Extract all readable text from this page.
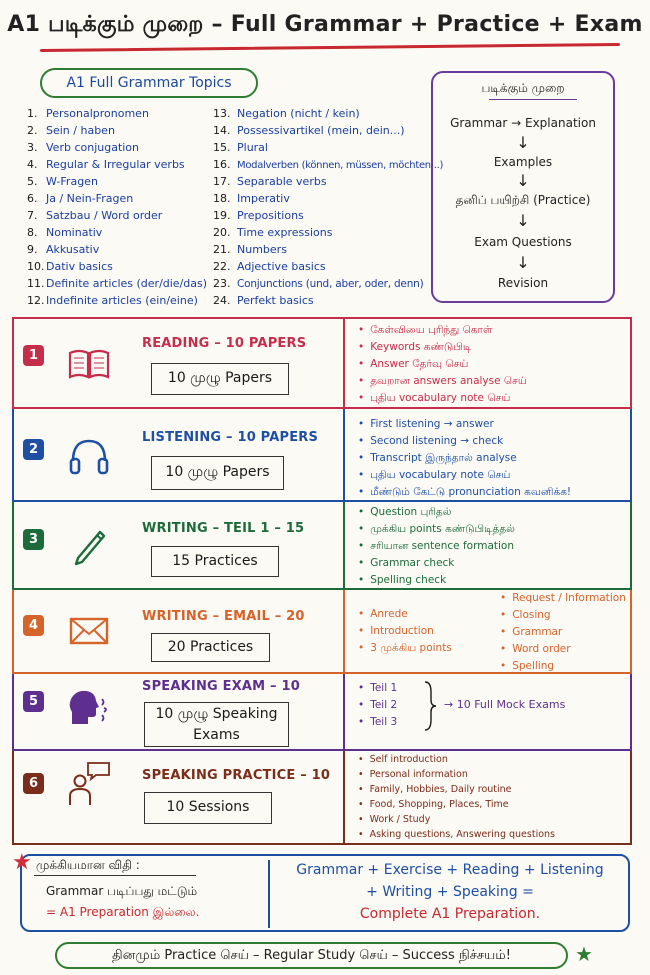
A1 படிக்கும் முறை – Full Grammar + Practice + Exam
A1 Full Grammar Topics
1. Personalpronomen
2. Sein / haben
3. Verb conjugation
4. Regular & Irregular verbs
5. W-Fragen
6. Ja / Nein-Fragen
7. Satzbau / Word order
8. Nominativ
9. Akkusativ
10. Dativ basics
11. Definite articles (der/die/das)
12. Indefinite articles (ein/eine)
13. Negation (nicht / kein)
14. Possessivartikel (mein, dein...)
15. Plural
16. Modalverben (können, müssen, möchten...)
17. Separable verbs
18. Imperativ
19. Prepositions
20. Time expressions
21. Numbers
22. Adjective basics
23. Conjunctions (und, aber, oder, denn)
24. Perfekt basics
படிக்கும் முறை
Grammar → Explanation
↓
Examples
↓
தனிப் பயிற்சி (Practice)
↓
Exam Questions
↓
Revision
1
READING – 10 PAPERS
10 முழு Papers
• கேள்வியை புரிந்து கொள்
• Keywords கண்டுபிடி
• Answer தேர்வு செய்
• தவறான answers analyse செய்
• புதிய vocabulary note செய்
2
LISTENING – 10 PAPERS
10 முழு Papers
• First listening → answer
• Second listening → check
• Transcript இருந்தால் analyse
• புதிய vocabulary note செய்
• மீண்டும் கேட்டு pronunciation கவனிக்க!
3
WRITING – TEIL 1 – 15
15 Practices
• Question புரிதல்
• முக்கிய points கண்டுபிடித்தல்
• சரியான sentence formation
• Grammar check
• Spelling check
4
WRITING – EMAIL – 20
20 Practices
• Anrede
• Introduction
• 3 முக்கிய points
• Request / Information
• Closing
• Grammar
• Word order
• Spelling
5
SPEAKING EXAM – 10
10 முழு Speaking
Exams
• Teil 1
• Teil 2
• Teil 3
→ 10 Full Mock Exams
6
SPEAKING PRACTICE – 10
10 Sessions
• Self introduction
• Personal information
• Family, Hobbies, Daily routine
• Food, Shopping, Places, Time
• Work / Study
• Asking questions, Answering questions
★ முக்கியமான விதி :
Grammar படிப்பது மட்டும்
= A1 Preparation இல்லை.
Grammar + Exercise + Reading + Listening
+ Writing + Speaking =
Complete A1 Preparation.
தினமும் Practice செய் – Regular Study செய் – Success நிச்சயம்!	★
